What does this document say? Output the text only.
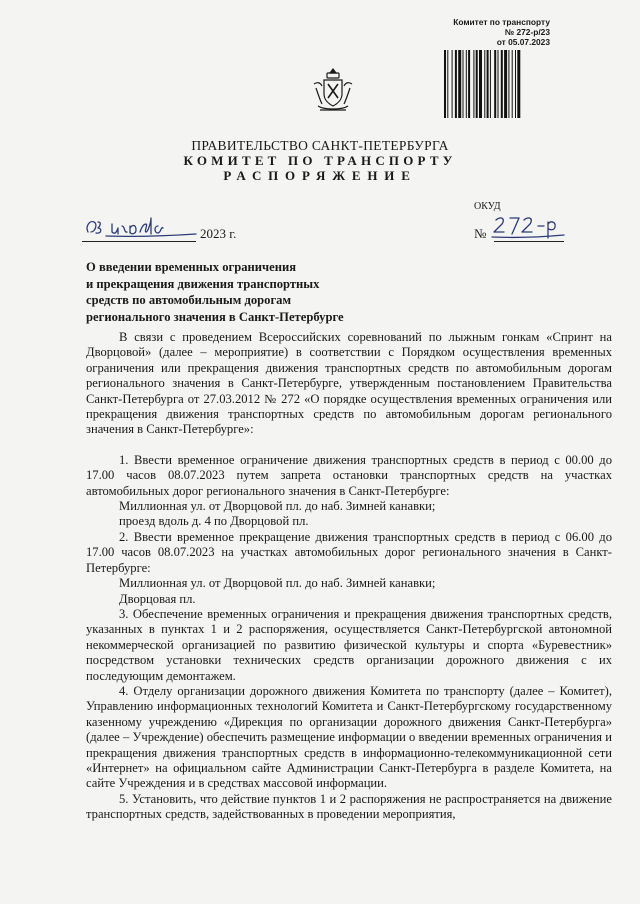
Комитет по транспорту
№ 272-р/23
от 05.07.2023
ПРАВИТЕЛЬСТВО САНКТ-ПЕТЕРБУРГА
КОМИТЕТ ПО ТРАНСПОРТУ
РАСПОРЯЖЕНИЕ
ОКУД
2023 г.	№
О введении временных ограничения
и прекращения движения транспортных
средств по автомобильным дорогам
регионального значения в Санкт-Петербурге

В связи с проведением Всероссийских соревнований по лыжным гонкам «Спринт на Дворцовой» (далее – мероприятие) в соответствии с Порядком осуществления временных ограничения или прекращения движения транспортных средств по автомобильным дорогам регионального значения в Санкт-Петербурге, утвержденным постановлением Правительства Санкт-Петербурга от 27.03.2012 № 272 «О порядке осуществления временных ограничения или прекращения движения транспортных средств по автомобильным дорогам регионального значения в Санкт-Петербурге»:

1. Ввести временное ограничение движения транспортных средств в период с 00.00 до 17.00 часов 08.07.2023 путем запрета остановки транспортных средств на участках автомобильных дорог регионального значения в Санкт-Петербурге:

Миллионная ул. от Дворцовой пл. до наб. Зимней канавки;

проезд вдоль д. 4 по Дворцовой пл.

2. Ввести временное прекращение движения транспортных средств в период с 06.00 до 17.00 часов 08.07.2023 на участках автомобильных дорог регионального значения в Санкт-Петербурге:

Миллионная ул. от Дворцовой пл. до наб. Зимней канавки;

Дворцовая пл.

3. Обеспечение временных ограничения и прекращения движения транспортных средств, указанных в пунктах 1 и 2 распоряжения, осуществляется Санкт-Петербургской автономной некоммерческой организацией по развитию физической культуры и спорта «Буревестник» посредством установки технических средств организации дорожного движения с их последующим демонтажем.

4. Отделу организации дорожного движения Комитета по транспорту (далее – Комитет), Управлению информационных технологий Комитета и Санкт-Петербургскому государственному казенному учреждению «Дирекция по организации дорожного движения Санкт-Петербурга» (далее – Учреждение) обеспечить размещение информации о введении временных ограничения и прекращения движения транспортных средств в информационно-телекоммуникационной сети «Интернет» на официальном сайте Администрации Санкт-Петербурга в разделе Комитета, на сайте Учреждения и в средствах массовой информации.

5. Установить, что действие пунктов 1 и 2 распоряжения не распространяется на движение транспортных средств, задействованных в проведении мероприятия,
